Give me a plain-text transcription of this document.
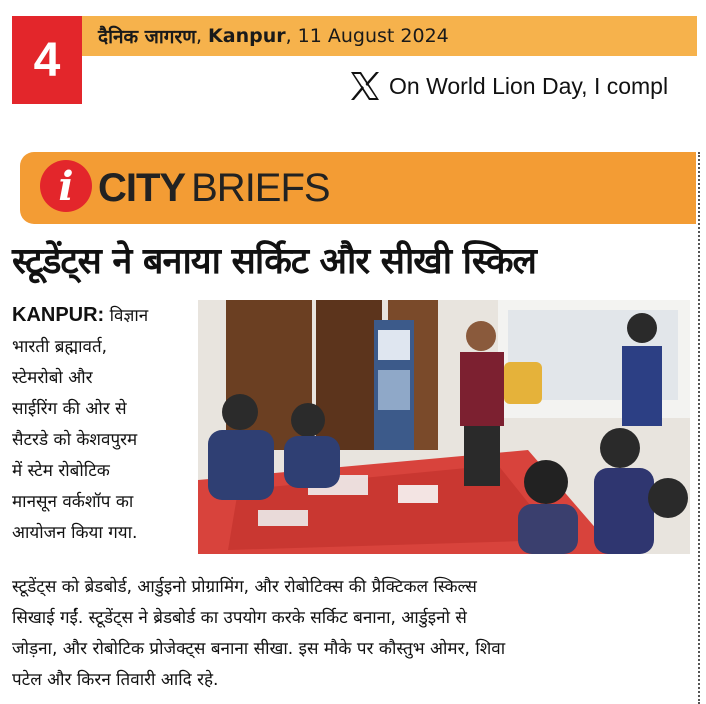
4	दैनिक जागरण , Kanpur , 11 August 2024
On World Lion Day, I compl
i CITY BRIEFS
स्टूडेंट्स ने बनाया सर्किट और सीखी स्किल
KANPUR: विज्ञान
भारती ब्रह्मावर्त,
स्टेमरोबो और
साईरिंग की ओर से
सैटरडे को केशवपुरम
में स्टेम रोबोटिक
मानसून वर्कशॉप का
आयोजन किया गया.
स्टूडेंट्स को ब्रेडबोर्ड, आर्डुइनो प्रोग्रामिंग, और रोबोटिक्स की प्रैक्टिकल स्किल्स
सिखाई गईं. स्टूडेंट्स ने ब्रेडबोर्ड का उपयोग करके सर्किट बनाना, आर्डुइनो से
जोड़ना, और रोबोटिक प्रोजेक्ट्स बनाना सीखा. इस मौके पर कौस्तुभ ओमर, शिवा
पटेल और किरन तिवारी आदि रहे.
